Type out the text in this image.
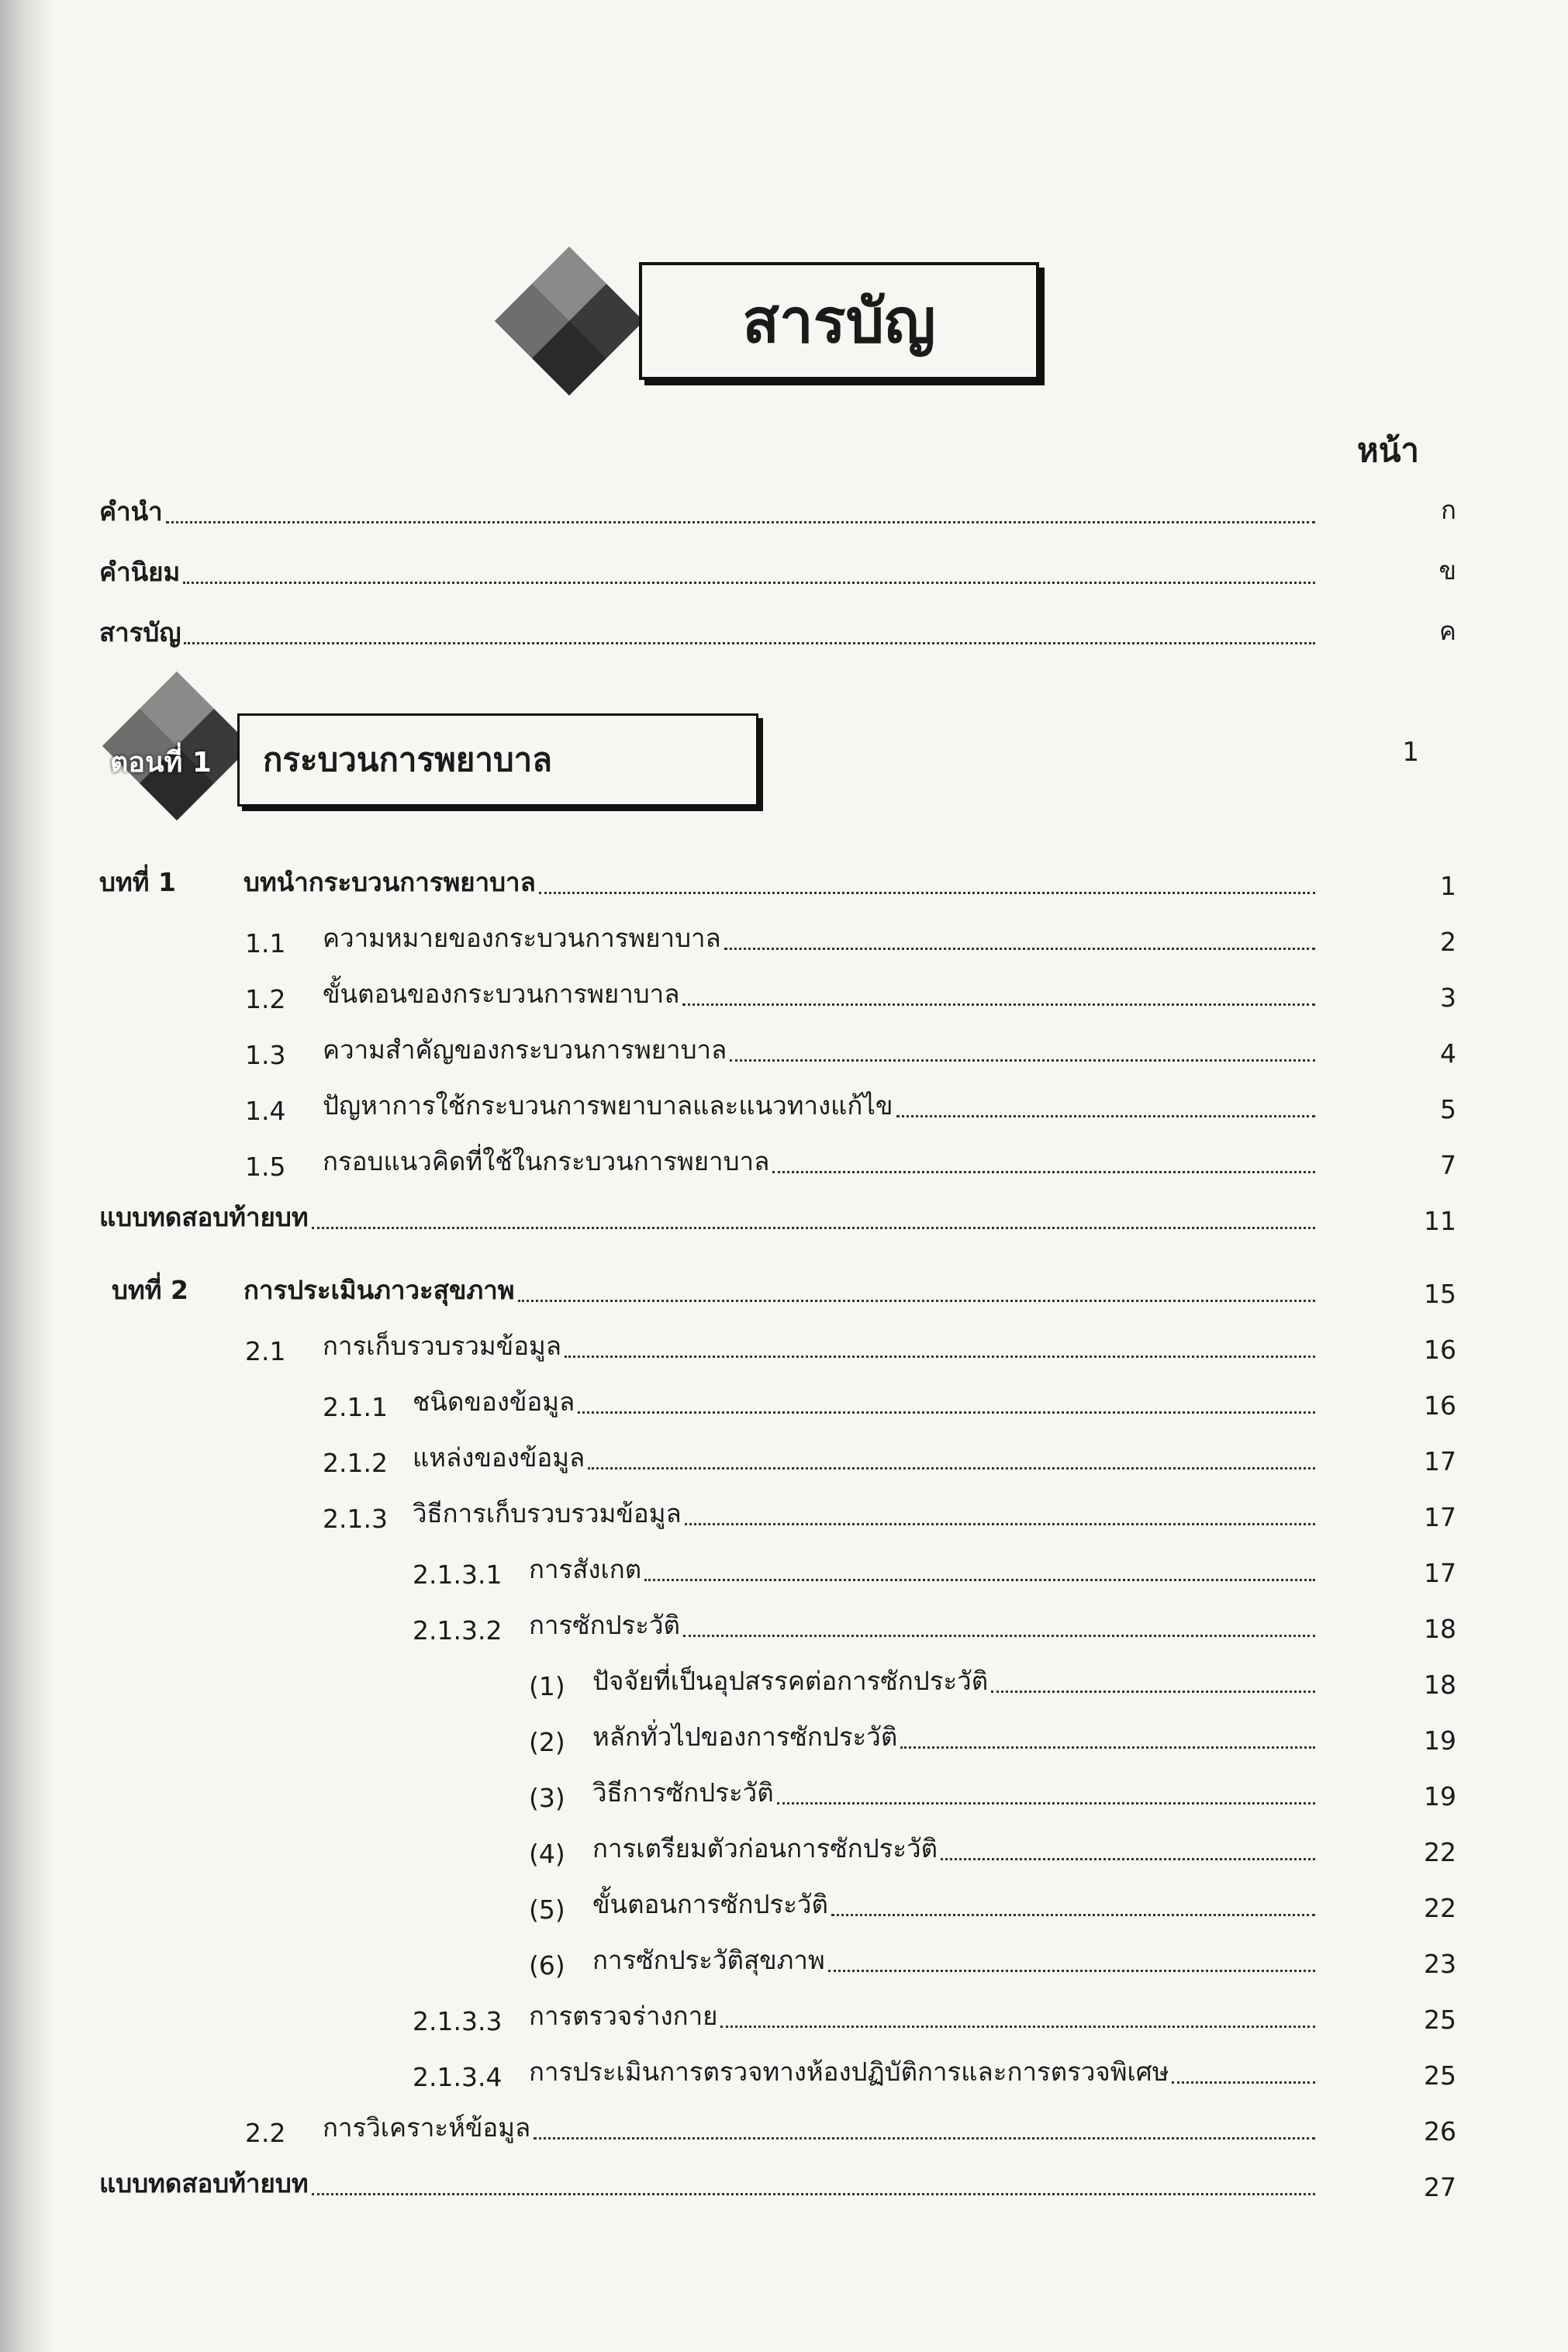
สารบัญ
หน้า
คำนำ	ก
คำนิยม	ข
สารบัญ	ค
กระบวนการพยาบาล
ตอนที่ 1	1
บทที่ 1	บทนำกระบวนการพยาบาล	1
1.1	ความหมายของกระบวนการพยาบาล	2
1.2	ขั้นตอนของกระบวนการพยาบาล	3
1.3	ความสำคัญของกระบวนการพยาบาล	4
1.4	ปัญหาการใช้กระบวนการพยาบาลและแนวทางแก้ไข	5
1.5	กรอบแนวคิดที่ใช้ในกระบวนการพยาบาล	7
แบบทดสอบท้ายบท	11
บทที่ 2	การประเมินภาวะสุขภาพ	15
2.1	การเก็บรวบรวมข้อมูล	16
2.1.1 ชนิดของข้อมูล	16
2.1.2 แหล่งของข้อมูล	17
2.1.3 วิธีการเก็บรวบรวมข้อมูล	17
2.1.3.1	การสังเกต	17
2.1.3.2	การซักประวัติ	18
(1)	ปัจจัยที่เป็นอุปสรรคต่อการซักประวัติ	18
(2)	หลักทั่วไปของการซักประวัติ	19
(3)	วิธีการซักประวัติ	19
(4)	การเตรียมตัวก่อนการซักประวัติ	22
(5)	ขั้นตอนการซักประวัติ	22
(6)	การซักประวัติสุขภาพ	23
2.1.3.3	การตรวจร่างกาย	25
2.1.3.4	การประเมินการตรวจทางห้องปฏิบัติการและการตรวจพิเศษ	25
2.2	การวิเคราะห์ข้อมูล	26
แบบทดสอบท้ายบท	27
